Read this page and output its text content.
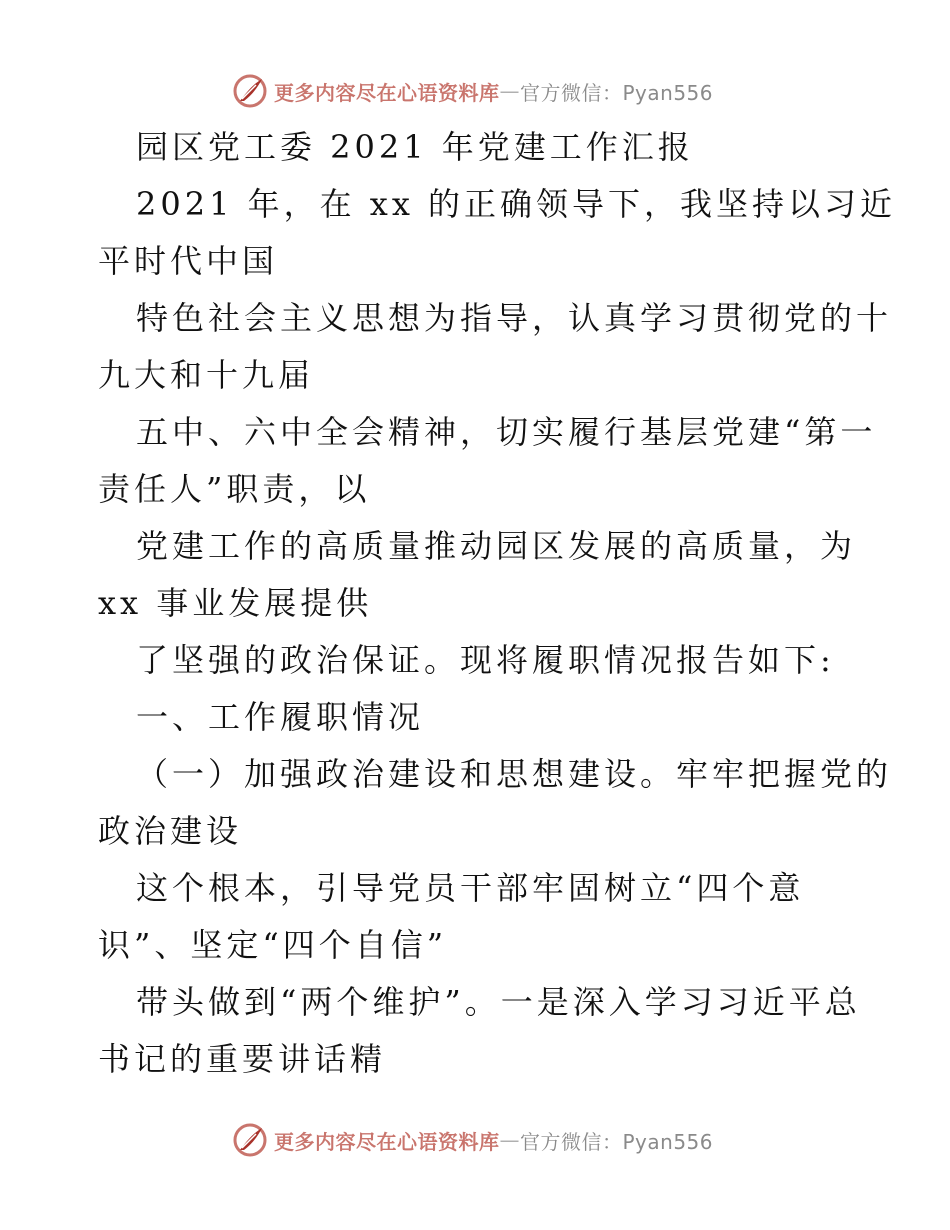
更多内容尽在心语资料库 — 官方微信：Pyan556
园区党工委 2021 年党建工作汇报
2021 年，在 xx 的正确领导下，我坚持以习近
平时代中国
特色社会主义思想为指导，认真学习贯彻党的十
九大和十九届
五中、六中全会精神，切实履行基层党建“第一
责任人”职责，以
党建工作的高质量推动园区发展的高质量，为
xx 事业发展提供
了坚强的政治保证。现将履职情况报告如下:
一、工作履职情况
（一）加强政治建设和思想建设。牢牢把握党的
政治建设
这个根本，引导党员干部牢固树立“四个意
识”、坚定“四个自信”
带头做到“两个维护”。一是深入学习习近平总
书记的重要讲话精
更多内容尽在心语资料库 — 官方微信：Pyan556
